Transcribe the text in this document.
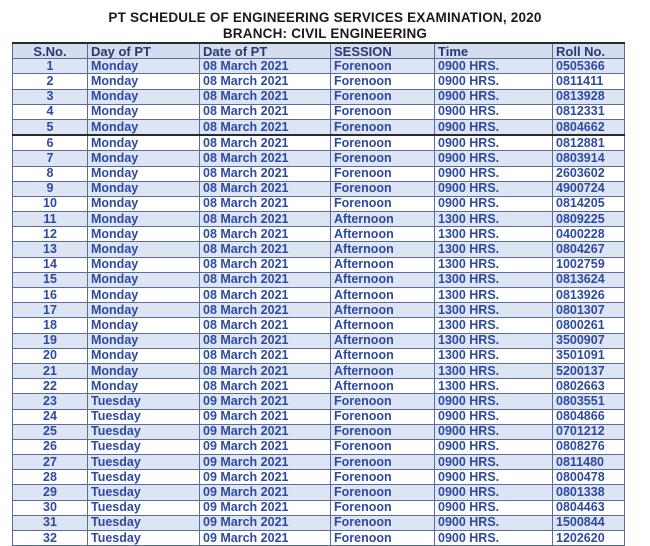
PT SCHEDULE OF ENGINEERING SERVICES EXAMINATION, 2020
BRANCH: CIVIL ENGINEERING
S.No.	Day of PT	Date of PT	SESSION	Time	Roll No.
1	Monday	08 March 2021	Forenoon	0900 HRS.	0505366
2	Monday	08 March 2021	Forenoon	0900 HRS.	0811411
3	Monday	08 March 2021	Forenoon	0900 HRS.	0813928
4	Monday	08 March 2021	Forenoon	0900 HRS.	0812331
5	Monday	08 March 2021	Forenoon	0900 HRS.	0804662
6	Monday	08 March 2021	Forenoon	0900 HRS.	0812881
7	Monday	08 March 2021	Forenoon	0900 HRS.	0803914
8	Monday	08 March 2021	Forenoon	0900 HRS.	2603602
9	Monday	08 March 2021	Forenoon	0900 HRS.	4900724
10	Monday	08 March 2021	Forenoon	0900 HRS.	0814205
11	Monday	08 March 2021	Afternoon	1300 HRS.	0809225
12	Monday	08 March 2021	Afternoon	1300 HRS.	0400228
13	Monday	08 March 2021	Afternoon	1300 HRS.	0804267
14	Monday	08 March 2021	Afternoon	1300 HRS.	1002759
15	Monday	08 March 2021	Afternoon	1300 HRS.	0813624
16	Monday	08 March 2021	Afternoon	1300 HRS.	0813926
17	Monday	08 March 2021	Afternoon	1300 HRS.	0801307
18	Monday	08 March 2021	Afternoon	1300 HRS.	0800261
19	Monday	08 March 2021	Afternoon	1300 HRS.	3500907
20	Monday	08 March 2021	Afternoon	1300 HRS.	3501091
21	Monday	08 March 2021	Afternoon	1300 HRS.	5200137
22	Monday	08 March 2021	Afternoon	1300 HRS.	0802663
23	Tuesday	09 March 2021	Forenoon	0900 HRS.	0803551
24	Tuesday	09 March 2021	Forenoon	0900 HRS.	0804866
25	Tuesday	09 March 2021	Forenoon	0900 HRS.	0701212
26	Tuesday	09 March 2021	Forenoon	0900 HRS.	0808276
27	Tuesday	09 March 2021	Forenoon	0900 HRS.	0811480
28	Tuesday	09 March 2021	Forenoon	0900 HRS.	0800478
29	Tuesday	09 March 2021	Forenoon	0900 HRS.	0801338
30	Tuesday	09 March 2021	Forenoon	0900 HRS.	0804463
31	Tuesday	09 March 2021	Forenoon	0900 HRS.	1500844
32	Tuesday	09 March 2021	Forenoon	0900 HRS.	1202620
